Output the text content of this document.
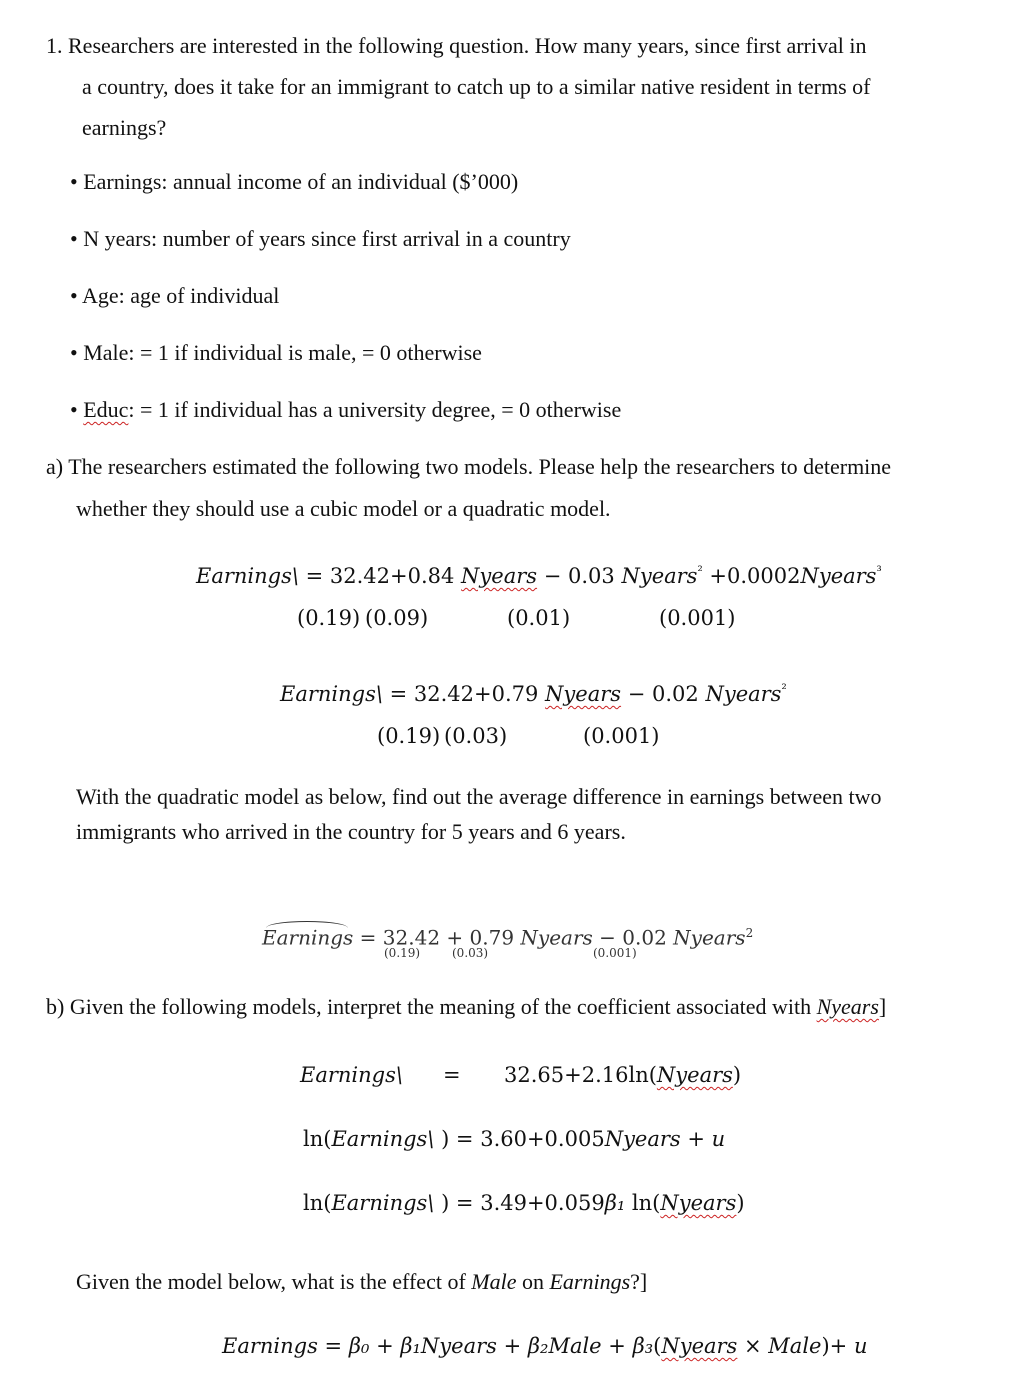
1. Researchers are interested in the following question. How many years, since first arrival in
a country, does it take for an immigrant to catch up to a similar native resident in terms of
earnings?
• Earnings: annual income of an individual ($’000)
• N years: number of years since first arrival in a country
• Age: age of individual
• Male: = 1 if individual is male, = 0 otherwise
• Educ: = 1 if individual has a university degree, = 0 otherwise
a) The researchers estimated the following two models. Please help the researchers to determine
whether they should use a cubic model or a quadratic model.
Earnings\ = 32.42+0.84 Nyears − 0.03 Nyears$^{^2}$ +0.0002Nyears$^{^3}$
(0.19) (0.09)	(0.01)	(0.001)
Earnings\ = 32.42+0.79 Nyears − 0.02 Nyears$^{^2}$
(0.19) (0.03)	(0.001)
With the quadratic model as below, find out the average difference in earnings between two
immigrants who arrived in the country for 5 years and 6 years.
Earnings = 32.42 + 0.79 Nyears − 0.02 Nyears$^2$
(0.19)	(0.03)	(0.001)
b) Given the following models, interpret the meaning of the coefficient associated with Nyears]
Earnings\ = 32.65+2.16ln(Nyears)
ln(Earnings\ ) = 3.60+0.005Nyears + u
ln(Earnings\ ) = 3.49+0.059β₁ ln(Nyears)
Given the model below, what is the effect of Male on Earnings?]
Earnings = β₀ + β₁Nyears + β₂Male + β₃(Nyears × Male)+ u
